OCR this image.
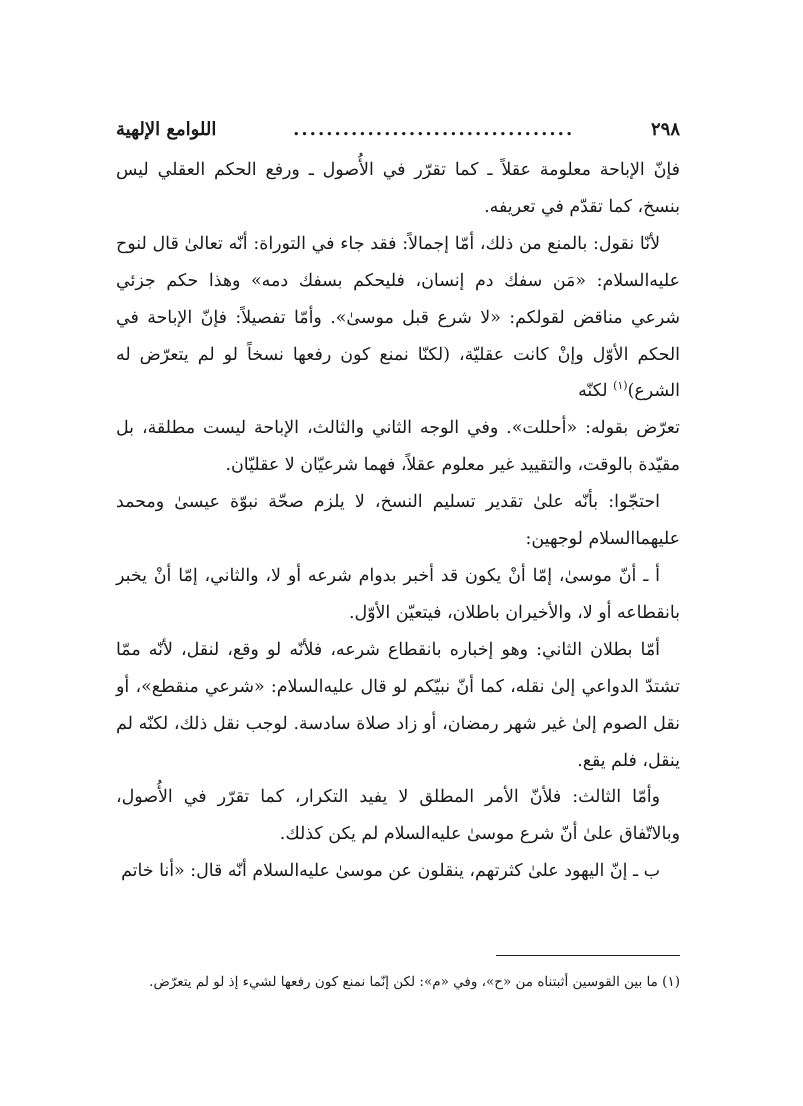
٢٩٨
..................................
اللوامع الإلهية

فإنّ الإباحة معلومة عقلاً ـ كما تقرّر في الأُصول ـ ورفع الحكم العقلي ليس بنسخ، كما تقدّم في تعريفه.

لأنّا نقول: بالمنع من ذلك، أمّا إجمالاً: فقد جاء في التوراة: أنّه تعالىٰ قال لنوح عليه‌السلام: «مَن سفك دم إنسان، فليحكم بسفك دمه» وهذا حكم جزئي شرعي مناقض لقولكم: «لا شرع قبل موسىٰ». وأمّا تفصيلاً: فإنّ الإباحة في الحكم الأوّل وإنْ كانت عقليّة، (لكنّا نمنع كون رفعها نسخاً لو لم يتعرّض له الشرع)$^{(١)}$ لكنّه

تعرّض بقوله: «أحللت». وفي الوجه الثاني والثالث، الإباحة ليست مطلقة، بل مقيّدة بالوقت، والتقييد غير معلوم عقلاً، فهما شرعيّان لا عقليّان.

احتجّوا: بأنّه علىٰ تقدير تسليم النسخ، لا يلزم صحّة نبوّة عيسىٰ ومحمد عليهما‌السلام لوجهين:

أ ـ أنّ موسىٰ، إمّا أنْ يكون قد أخبر بدوام شرعه أو لا، والثاني، إمّا أنْ يخبر بانقطاعه أو لا، والأخيران باطلان، فيتعيّن الأوّل.

أمّا بطلان الثاني: وهو إخباره بانقطاع شرعه، فلأنّه لو وقع، لنقل، لأنّه ممّا تشتدّ الدواعي إلىٰ نقله، كما أنّ نبيّكم لو قال عليه‌السلام: «شرعي منقطع»، أو نقل الصوم إلىٰ غير شهر رمضان، أو زاد صلاة سادسة. لوجب نقل ذلك، لكنّه لم ينقل، فلم يقع.

وأمّا الثالث: فلأنّ الأمر المطلق لا يفيد التكرار، كما تقرّر في الأُصول، وبالاتّفاق علىٰ أنّ شرع موسىٰ عليه‌السلام لم يكن كذلك.

ب ـ إنّ اليهود علىٰ كثرتهم، ينقلون عن موسىٰ عليه‌السلام أنّه قال: «أنا خاتم

(١) ما بين القوسين أثبتناه من «ح»، وفي «م»: لكن إنّما نمنع كون رفعها لشيء إذ لو لم يتعرّض.
